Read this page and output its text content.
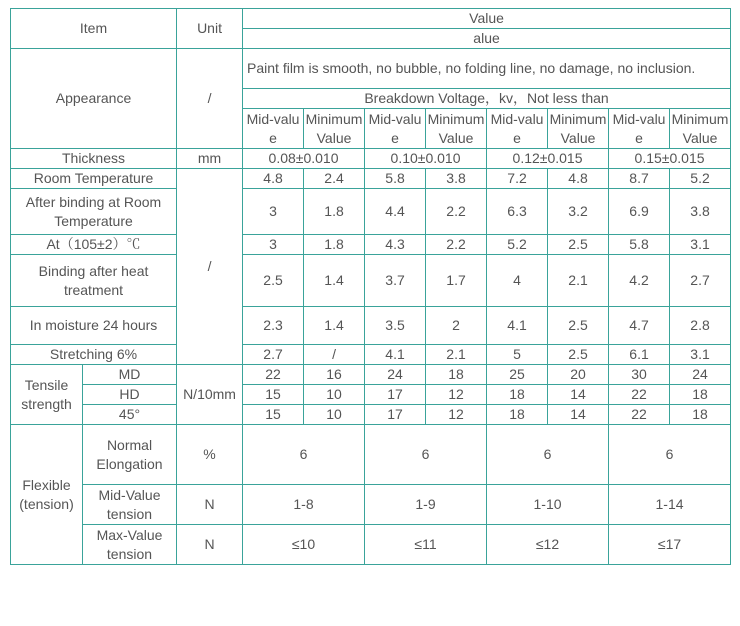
Item		Unit	Value							
			alue							
Appearance		/	Paint film is smooth, no bubble, no folding line, no damage, no inclusion.							
			Breakdown Voltage，kv，Not less than							
			Mid-value	Minimum Value	Mid-value	Minimum Value	Mid-value	Minimum Value	Mid-value	Minimum Value
Thickness		mm	0.08±0.010		0.10±0.010		0.12±0.015		0.15±0.015	
Room Temperature		/	4.8	2.4	5.8	3.8	7.2	4.8	8.7	5.2
After binding at Room Temperature			3	1.8	4.4	2.2	6.3	3.2	6.9	3.8
At（105±2）℃			3	1.8	4.3	2.2	5.2	2.5	5.8	3.1
Binding after heat treatment			2.5	1.4	3.7	1.7	4	2.1	4.2	2.7
In moisture 24 hours			2.3	1.4	3.5	2	4.1	2.5	4.7	2.8
Stretching 6%			2.7	/	4.1	2.1	5	2.5	6.1	3.1
Tensile strength	MD	N/10mm	22	16	24	18	25	20	30	24
	HD		15	10	17	12	18	14	22	18
	45°		15	10	17	12	18	14	22	18
Flexible (tension)	Normal Elongation	%	6		6		6		6	
	Mid-Value tension	N	1-8		1-9		1-10		1-14	
	Max-Value tension	N	≤10		≤11		≤12		≤17	
